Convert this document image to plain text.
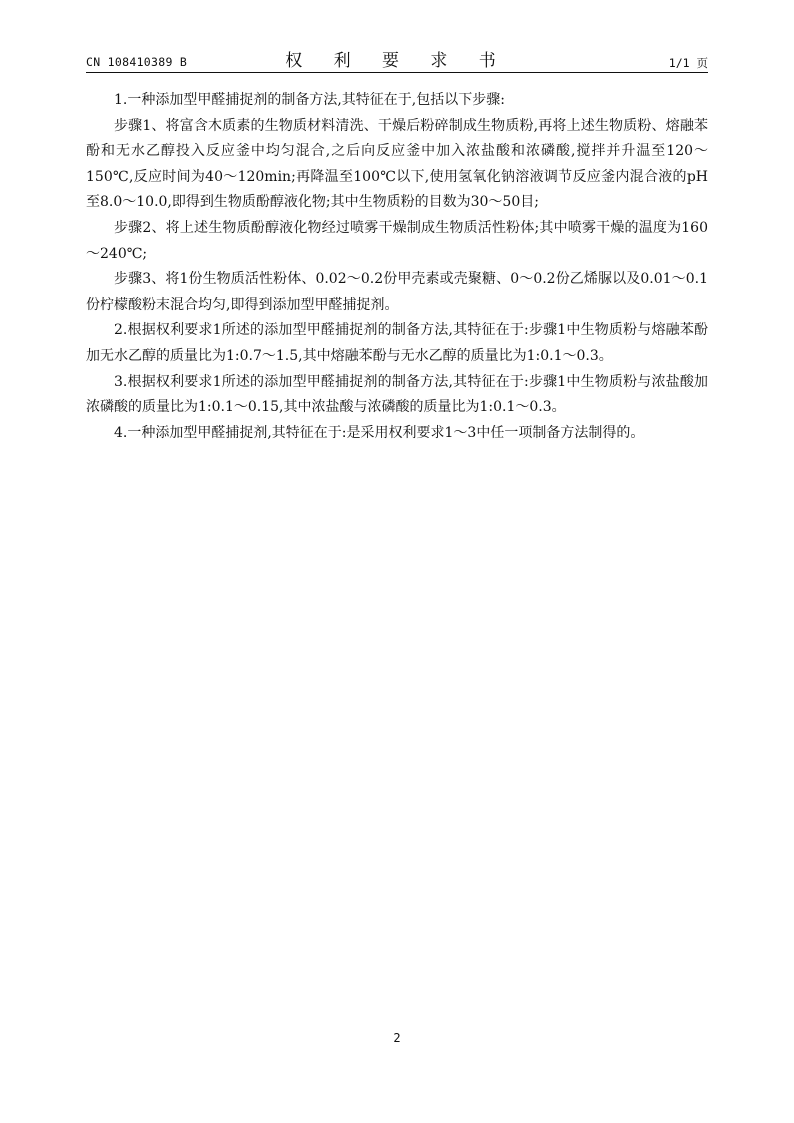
CN 108410389 B	权 利 要 求 书	1/1 页

1.一种添加型甲醛捕捉剂的制备方法,其特征在于,包括以下步骤:

步骤1、将富含木质素的生物质材料清洗、干燥后粉碎制成生物质粉,再将上述生物质粉、熔融苯酚和无水乙醇投入反应釜中均匀混合,之后向反应釜中加入浓盐酸和浓磷酸,搅拌并升温至120～150℃,反应时间为40～120min;再降温至100℃以下,使用氢氧化钠溶液调节反应釜内混合液的pH至8.0～10.0,即得到生物质酚醇液化物;其中生物质粉的目数为30～50目;

步骤2、将上述生物质酚醇液化物经过喷雾干燥制成生物质活性粉体;其中喷雾干燥的温度为160～240℃;

步骤3、将1份生物质活性粉体、0.02～0.2份甲壳素或壳聚糖、0～0.2份乙烯脲以及0.01～0.1份柠檬酸粉末混合均匀,即得到添加型甲醛捕捉剂。

2.根据权利要求1所述的添加型甲醛捕捉剂的制备方法,其特征在于:步骤1中生物质粉与熔融苯酚加无水乙醇的质量比为1:0.7～1.5,其中熔融苯酚与无水乙醇的质量比为1:0.1～0.3。

3.根据权利要求1所述的添加型甲醛捕捉剂的制备方法,其特征在于:步骤1中生物质粉与浓盐酸加浓磷酸的质量比为1:0.1～0.15,其中浓盐酸与浓磷酸的质量比为1:0.1～0.3。

4.一种添加型甲醛捕捉剂,其特征在于:是采用权利要求1～3中任一项制备方法制得的。

2
